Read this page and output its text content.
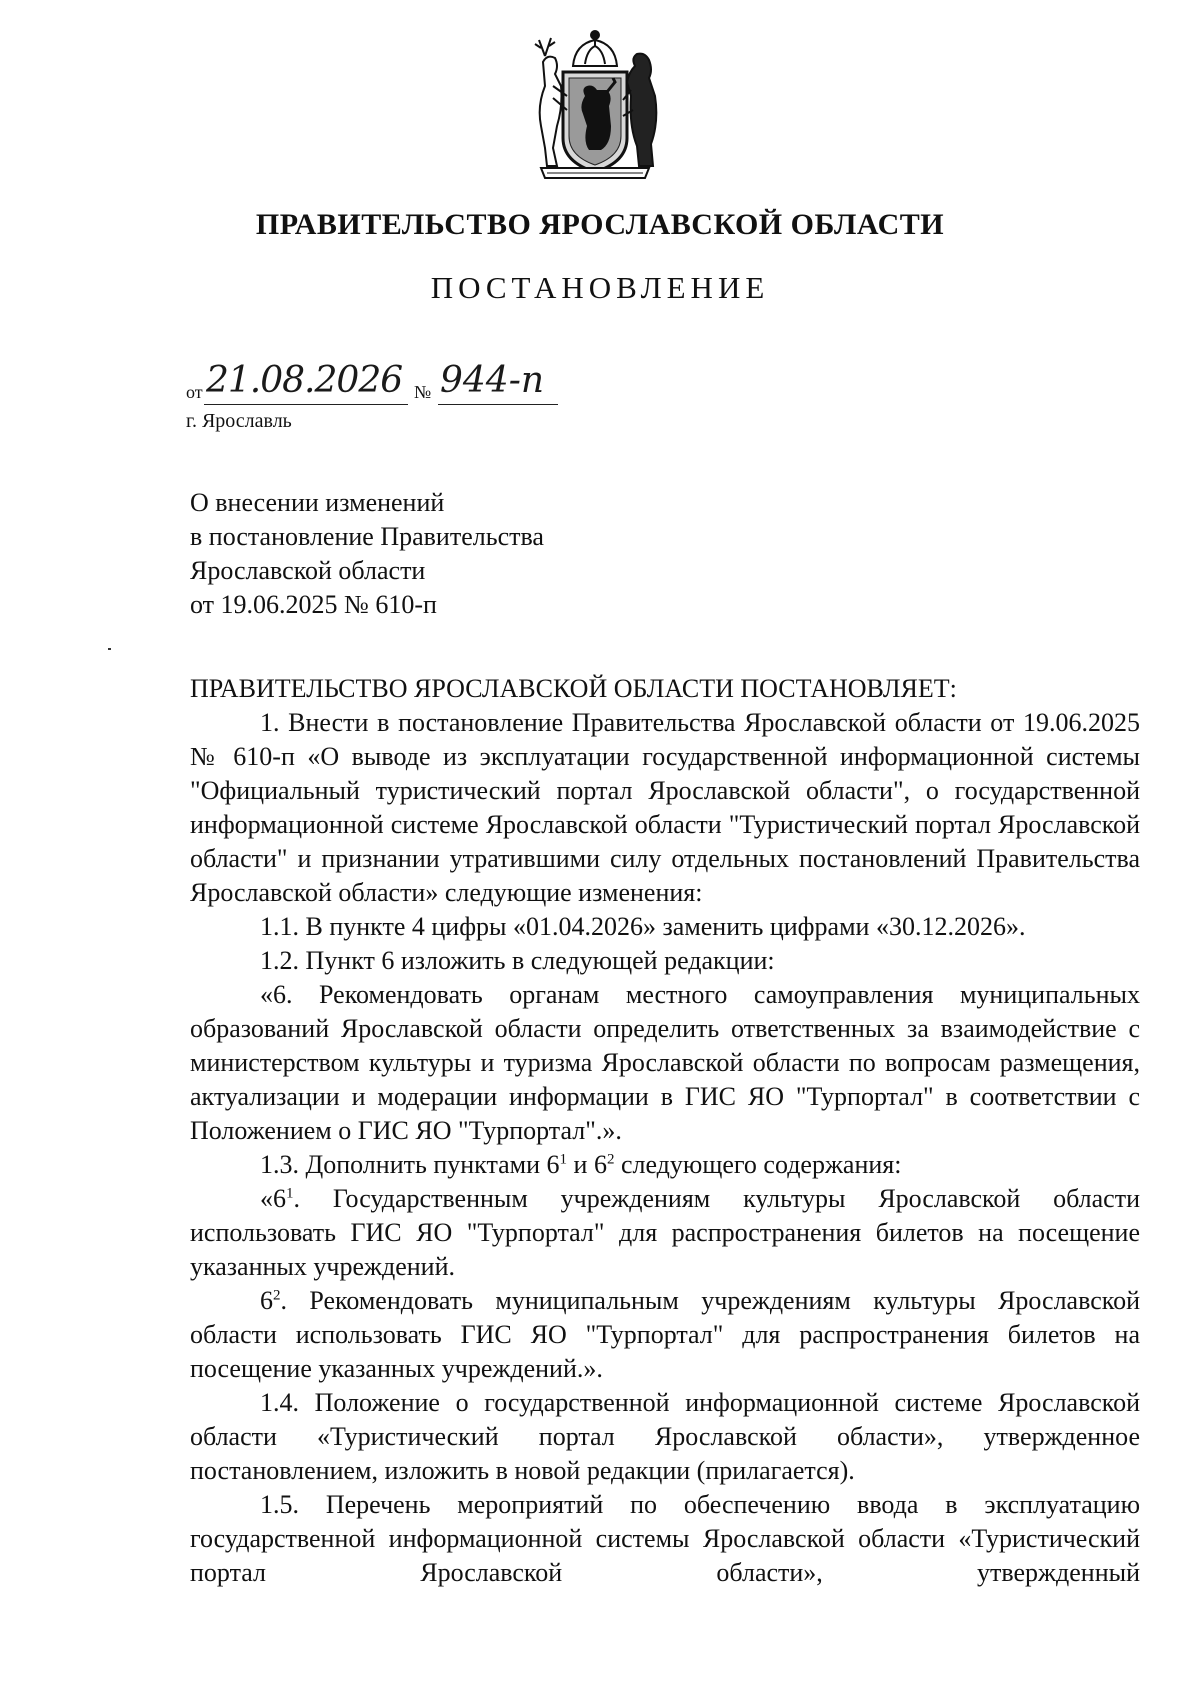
ПРАВИТЕЛЬСТВО ЯРОСЛАВСКОЙ ОБЛАСТИ
ПОСТАНОВЛЕНИЕ
от 21.08.2026 № 944-п
г. Ярославль
О внесении изменений
в постановление Правительства
Ярославской области
от 19.06.2025 № 610-п

ПРАВИТЕЛЬСТВО ЯРОСЛАВСКОЙ ОБЛАСТИ ПОСТАНОВЛЯЕТ:

1. Внести в постановление Правительства Ярославской области от 19.06.2025 № 610-п «О выводе из эксплуатации государственной информационной системы "Официальный туристический портал Ярославской области", о государственной информационной системе Ярославской области "Туристический портал Ярославской области" и признании утратившими силу отдельных постановлений Правительства Ярославской области» следующие изменения:

1.1. В пункте 4 цифры «01.04.2026» заменить цифрами «30.12.2026».

1.2. Пункт 6 изложить в следующей редакции:

«6. Рекомендовать органам местного самоуправления муниципальных образований Ярославской области определить ответственных за взаимодействие с министерством культуры и туризма Ярославской области по вопросам размещения, актуализации и модерации информации в ГИС ЯО "Турпортал" в соответствии с Положением о ГИС ЯО "Турпортал".».

1.3. Дополнить пунктами $6^1$ и $6^2$ следующего содержания:

«$6^1$. Государственным учреждениям культуры Ярославской области использовать ГИС ЯО "Турпортал" для распространения билетов на посещение указанных учреждений.

$6^2$. Рекомендовать муниципальным учреждениям культуры Ярославской области использовать ГИС ЯО "Турпортал" для распространения билетов на посещение указанных учреждений.».

1.4. Положение о государственной информационной системе Ярославской области «Туристический портал Ярославской области», утвержденное постановлением, изложить в новой редакции (прилагается).

1.5. Перечень мероприятий по обеспечению ввода в эксплуатацию государственной информационной системы Ярославской области «Туристический портал Ярославской области», утвержденный
